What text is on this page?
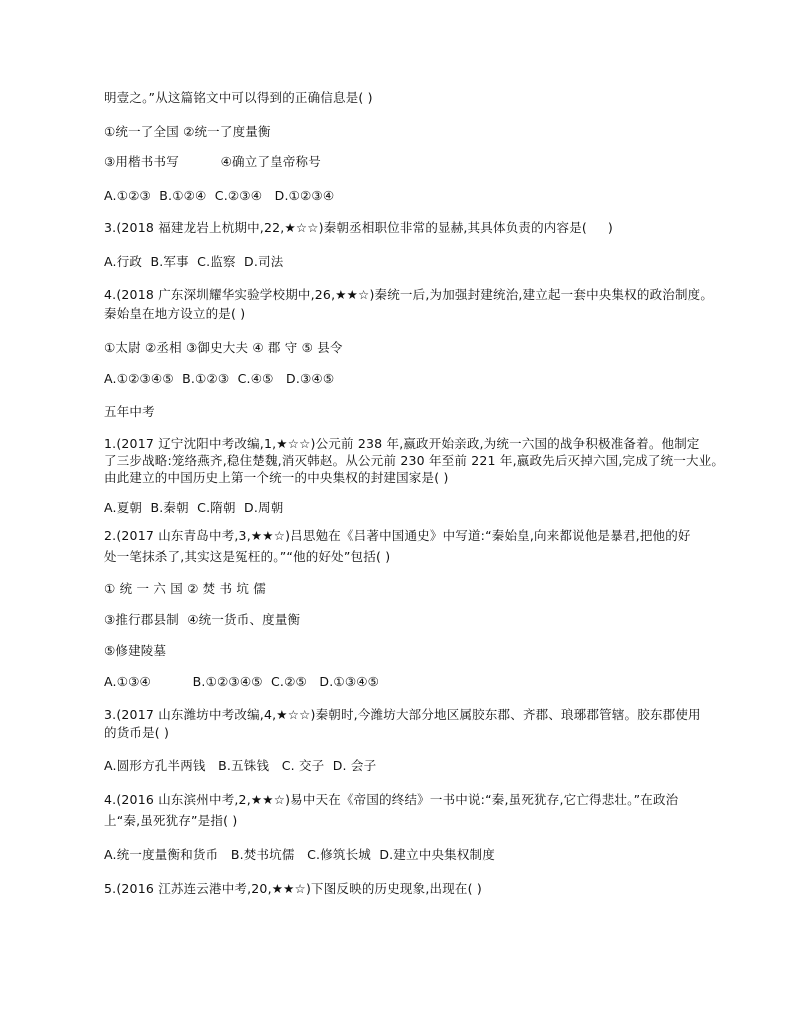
明壹之。”从这篇铭文中可以得到的正确信息是( )
①统一了全国 ②统一了度量衡
③用楷书书写          ④确立了皇帝称号
A.①②③  B.①②④  C.②③④   D.①②③④
3.(2018 福建龙岩上杭期中,22,★☆☆)秦朝丞相职位非常的显赫,其具体负责的内容是(     )
A.行政  B.军事  C.监察  D.司法
4.(2018 广东深圳耀华实验学校期中,26,★★☆)秦统一后,为加强封建统治,建立起一套中央集权的政治制度。
秦始皇在地方设立的是( )
①太尉 ②丞相 ③御史大夫 ④ 郡 守 ⑤ 县令
A.①②③④⑤  B.①②③  C.④⑤   D.③④⑤
五年中考
1.(2017 辽宁沈阳中考改编,1,★☆☆)公元前 238 年,嬴政开始亲政,为统一六国的战争积极准备着。他制定
了三步战略:笼络燕齐,稳住楚魏,消灭韩赵。从公元前 230 年至前 221 年,嬴政先后灭掉六国,完成了统一大业。
由此建立的中国历史上第一个统一的中央集权的封建国家是( )
A.夏朝  B.秦朝  C.隋朝  D.周朝
2.(2017 山东青岛中考,3,★★☆)吕思勉在《吕著中国通史》中写道:“秦始皇,向来都说他是暴君,把他的好
处一笔抹杀了,其实这是冤枉的。”“他的好处”包括( )
① 统 一 六 国 ② 焚 书 坑 儒
③推行郡县制  ④统一货币、度量衡
⑤修建陵墓
A.①③④          B.①②③④⑤  C.②⑤   D.①③④⑤
3.(2017 山东潍坊中考改编,4,★☆☆)秦朝时,今潍坊大部分地区属胶东郡、齐郡、琅琊郡管辖。胶东郡使用
的货币是( )
A.圆形方孔半两钱   B.五铢钱   C. 交子  D. 会子
4.(2016 山东滨州中考,2,★★☆)易中天在《帝国的终结》一书中说:“秦,虽死犹存,它亡得悲壮。”在政治
上“秦,虽死犹存”是指( )
A.统一度量衡和货币   B.焚书坑儒   C.修筑长城  D.建立中央集权制度
5.(2016 江苏连云港中考,20,★★☆)下图反映的历史现象,出现在( )
